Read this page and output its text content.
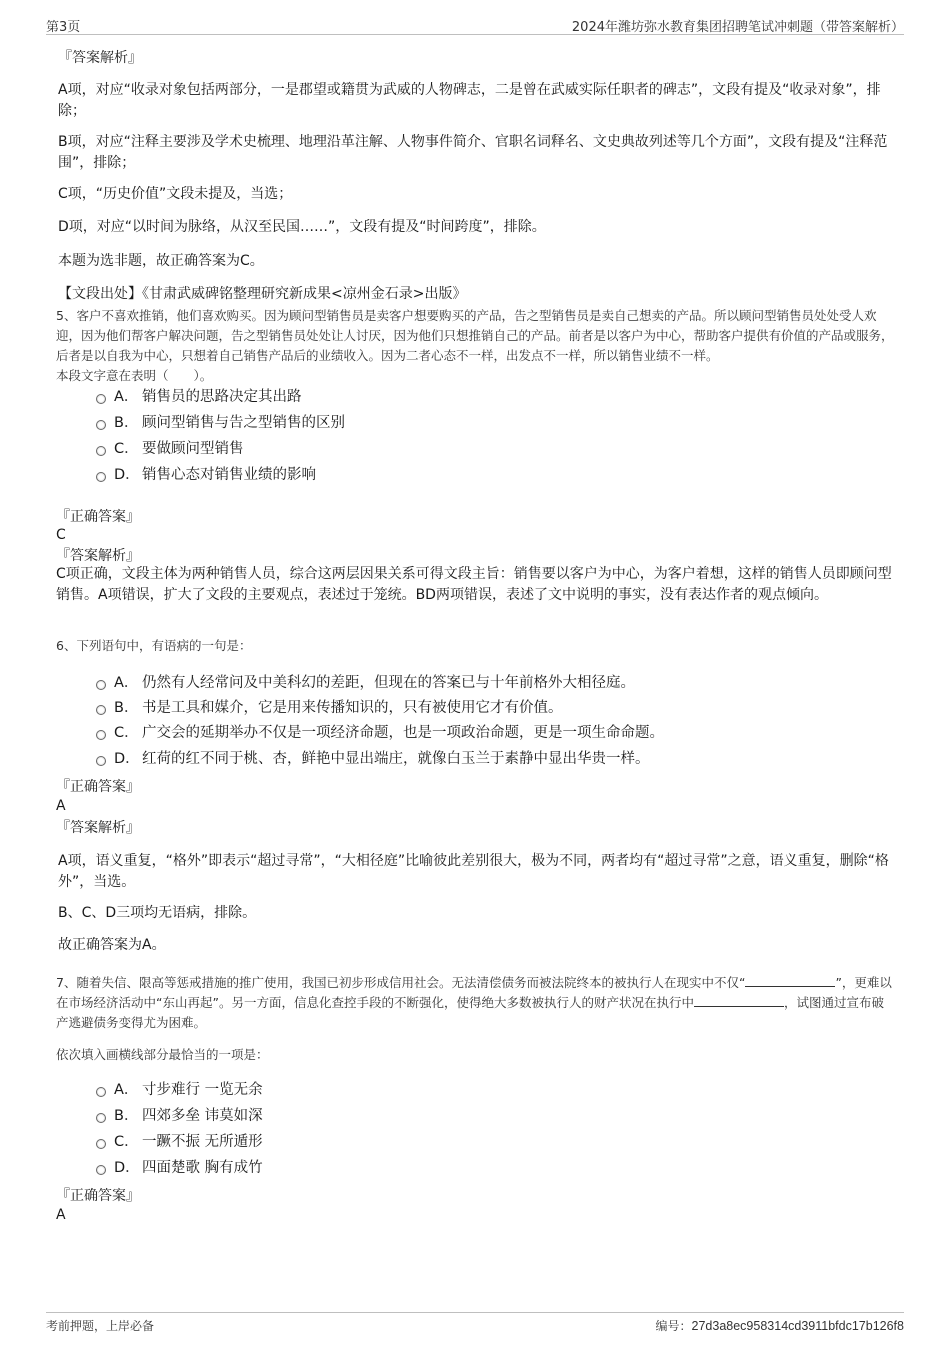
第3页	2024年潍坊弥水教育集团招聘笔试冲刺题（带答案解析）
『答案解析』
A项，对应“收录对象包括两部分，一是郡望或籍贯为武威的人物碑志，二是曾在武威实际任职者的碑志”，文段有提及“收录对象”，排除；
B项，对应“注释主要涉及学术史梳理、地理沿革注解、人物事件简介、官职名词释名、文史典故列述等几个方面”，文段有提及“注释范围”，排除；
C项，“历史价值”文段未提及，当选；
D项，对应“以时间为脉络，从汉至民国……”，文段有提及“时间跨度”，排除。
本题为选非题，故正确答案为C。
【文段出处】《甘肃武威碑铭整理研究新成果<凉州金石录>出版》
5、客户不喜欢推销，他们喜欢购买。因为顾问型销售员是卖客户想要购买的产品，告之型销售员是卖自己想卖的产品。所以顾问型销售员处处受人欢迎，因为他们帮客户解决问题，告之型销售员处处让人讨厌，因为他们只想推销自己的产品。前者是以客户为中心，帮助客户提供有价值的产品或服务，后者是以自我为中心，只想着自己销售产品后的业绩收入。因为二者心态不一样，出发点不一样，所以销售业绩不一样。
本段文字意在表明（　　）。
A． 销售员的思路决定其出路
B． 顾问型销售与告之型销售的区别
C． 要做顾问型销售
D． 销售心态对销售业绩的影响
『正确答案』
C
『答案解析』
C项正确，文段主体为两种销售人员，综合这两层因果关系可得文段主旨：销售要以客户为中心，为客户着想，这样的销售人员即顾问型销售。A项错误，扩大了文段的主要观点，表述过于笼统。BD两项错误，表述了文中说明的事实，没有表达作者的观点倾向。
6、下列语句中，有语病的一句是：
A． 仍然有人经常问及中美科幻的差距，但现在的答案已与十年前格外大相径庭。
B． 书是工具和媒介，它是用来传播知识的，只有被使用它才有价值。
C． 广交会的延期举办不仅是一项经济命题，也是一项政治命题，更是一项生命命题。
D． 红荷的红不同于桃、杏，鲜艳中显出端庄，就像白玉兰于素静中显出华贵一样。
『正确答案』
A
『答案解析』
A项，语义重复，“格外”即表示“超过寻常”，“大相径庭”比喻彼此差别很大，极为不同，两者均有“超过寻常”之意，语义重复，删除“格外”，当选。
B、C、D三项均无语病，排除。
故正确答案为A。
7、随着失信、限高等惩戒措施的推广使用，我国已初步形成信用社会。无法清偿债务而被法院终本的被执行人在现实中不仅“	”，更难以在市场经济活动中“东山再起”。另一方面，信息化查控手段的不断强化，使得绝大多数被执行人的财产状况在执行中	，试图通过宣布破产逃避债务变得尤为困难。
依次填入画横线部分最恰当的一项是：
A． 寸步难行 一览无余
B． 四郊多垒 讳莫如深
C． 一蹶不振 无所遁形
D． 四面楚歌 胸有成竹
『正确答案』
A
考前押题，上岸必备	编号：27d3a8ec958314cd3911bfdc17b126f8
